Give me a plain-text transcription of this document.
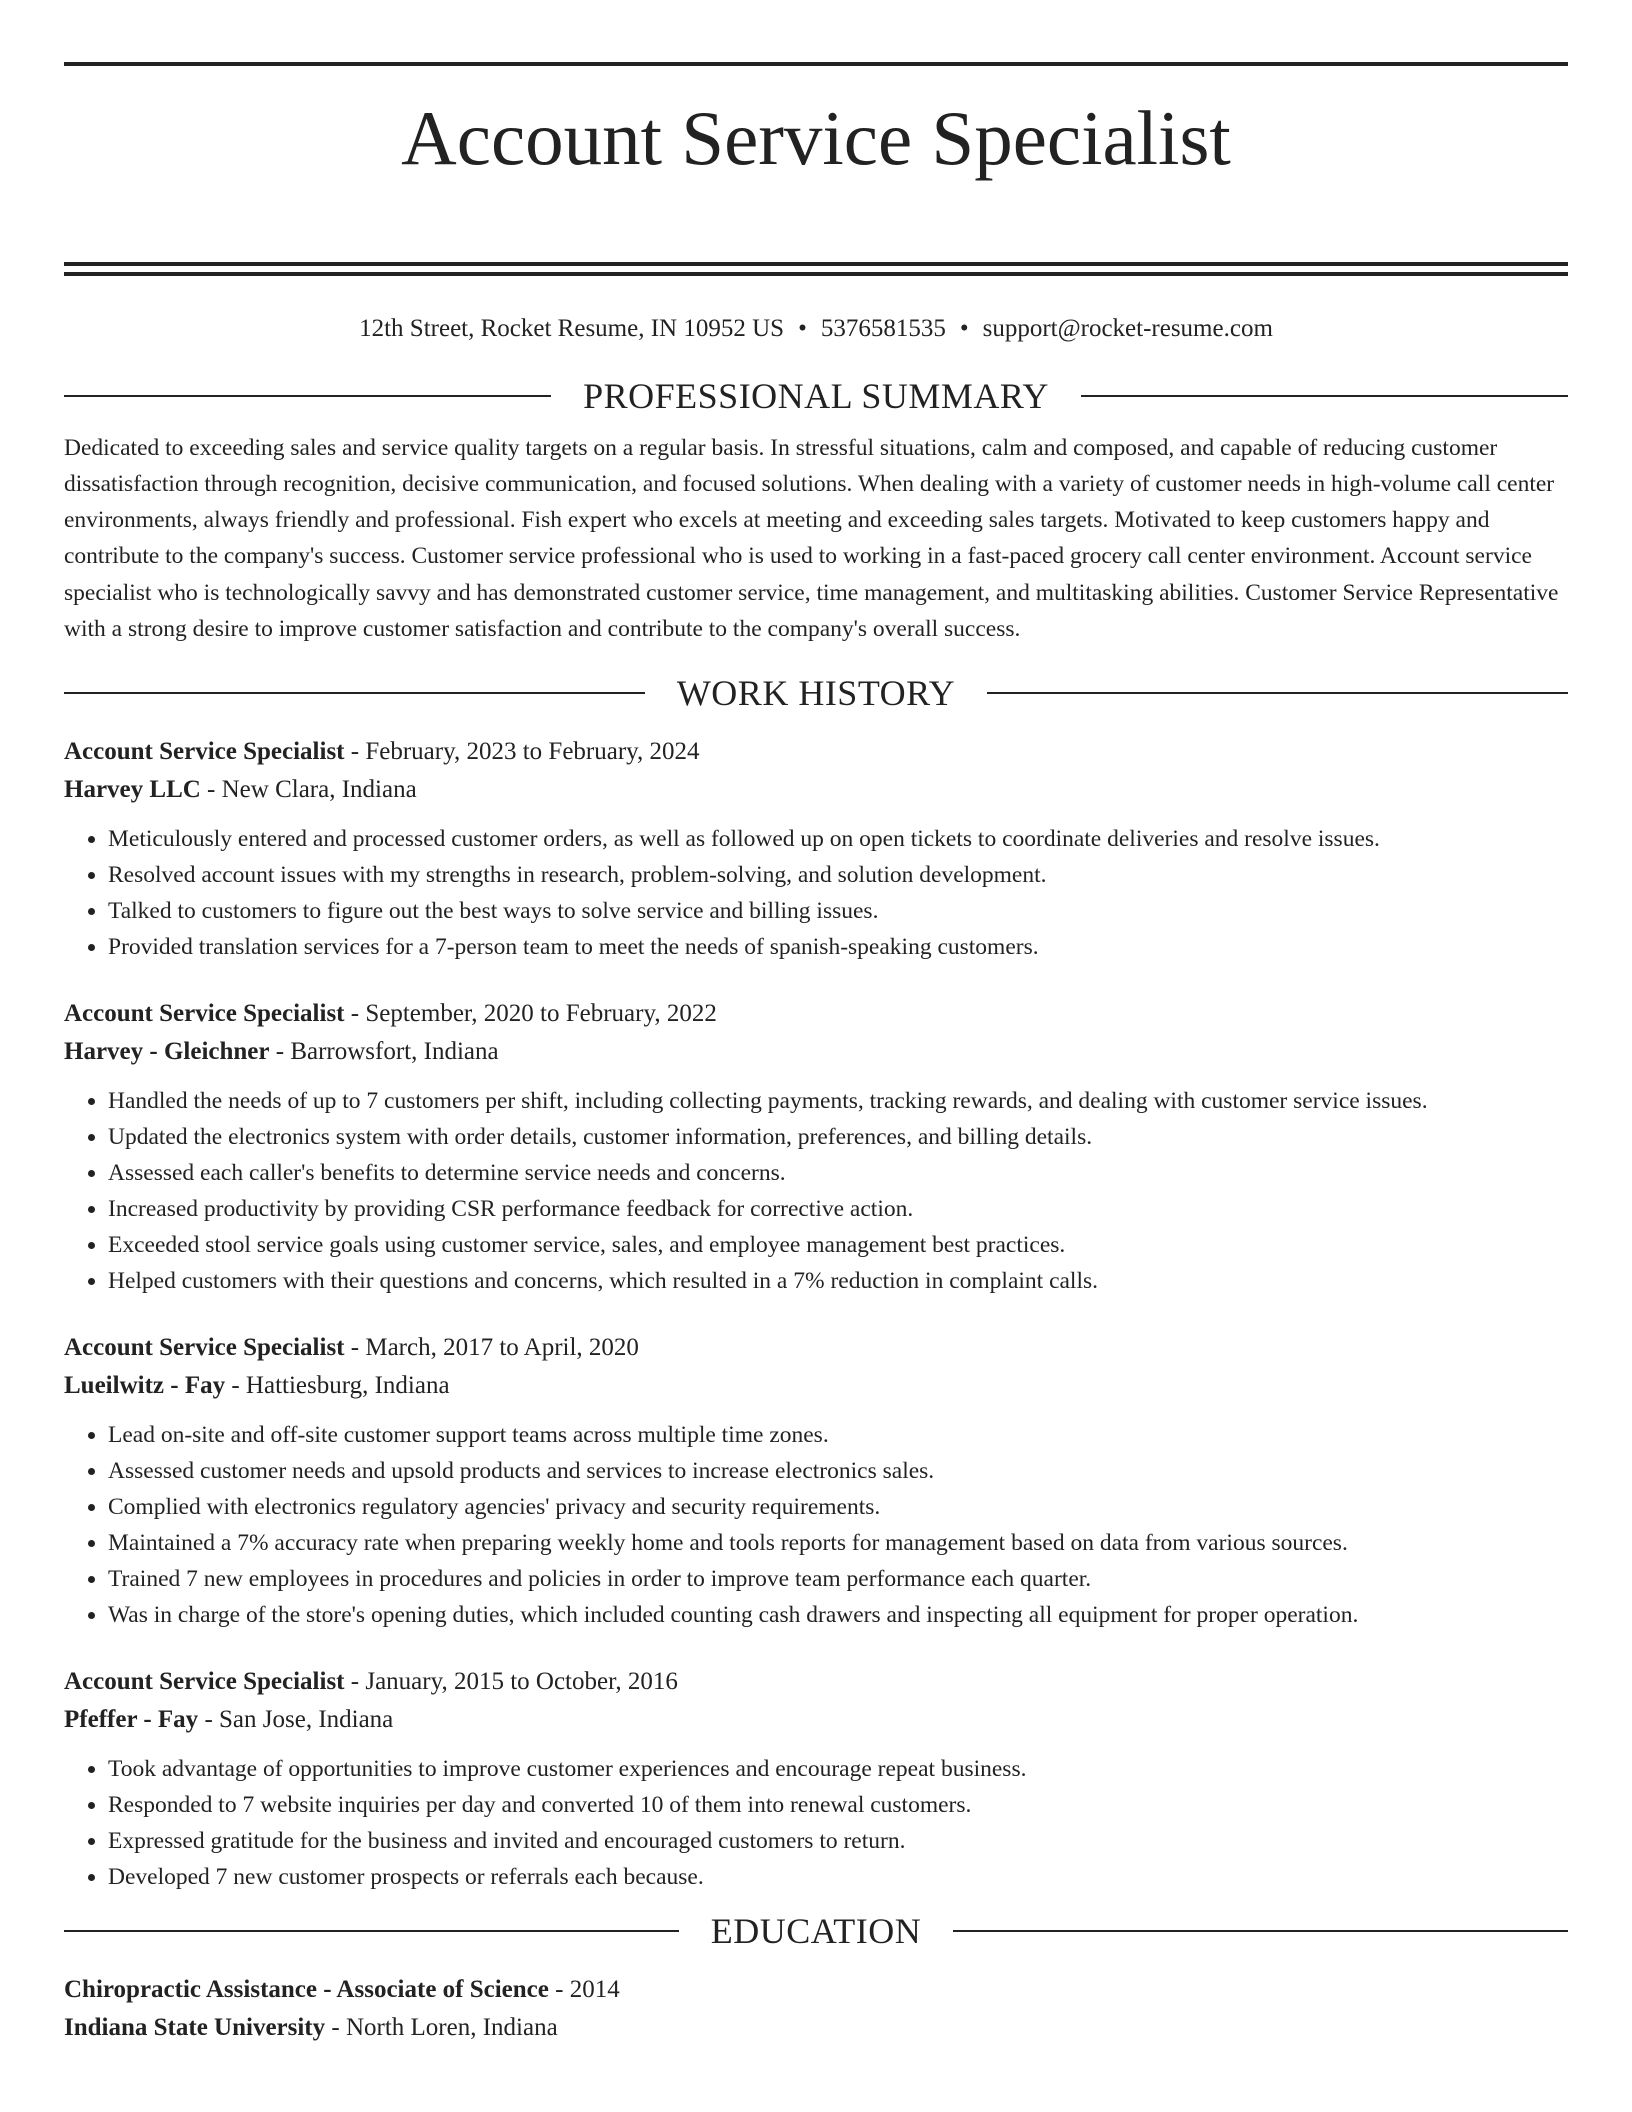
Account Service Specialist
12th Street, Rocket Resume, IN 10952 US • 5376581535 • support@rocket-resume.com
PROFESSIONAL SUMMARY

Dedicated to exceeding sales and service quality targets on a regular basis. In stressful situations, calm and composed, and capable of reducing customer dissatisfaction through recognition, decisive communication, and focused solutions. When dealing with a variety of customer needs in high-volume call center environments, always friendly and professional. Fish expert who excels at meeting and exceeding sales targets. Motivated to keep customers happy and contribute to the company's success. Customer service professional who is used to working in a fast-paced grocery call center environment. Account service specialist who is technologically savvy and has demonstrated customer service, time management, and multitasking abilities. Customer Service Representative with a strong desire to improve customer satisfaction and contribute to the company's overall success.

WORK HISTORY
Account Service Specialist - February, 2023 to February, 2024
Harvey LLC - New Clara, Indiana
• Meticulously entered and processed customer orders, as well as followed up on open tickets to coordinate deliveries and resolve issues.
• Resolved account issues with my strengths in research, problem-solving, and solution development.
• Talked to customers to figure out the best ways to solve service and billing issues.
• Provided translation services for a 7-person team to meet the needs of spanish-speaking customers.
Account Service Specialist - September, 2020 to February, 2022
Harvey - Gleichner - Barrowsfort, Indiana
• Handled the needs of up to 7 customers per shift, including collecting payments, tracking rewards, and dealing with customer service issues.
• Updated the electronics system with order details, customer information, preferences, and billing details.
• Assessed each caller's benefits to determine service needs and concerns.
• Increased productivity by providing CSR performance feedback for corrective action.
• Exceeded stool service goals using customer service, sales, and employee management best practices.
• Helped customers with their questions and concerns, which resulted in a 7% reduction in complaint calls.
Account Service Specialist - March, 2017 to April, 2020
Lueilwitz - Fay - Hattiesburg, Indiana
• Lead on-site and off-site customer support teams across multiple time zones.
• Assessed customer needs and upsold products and services to increase electronics sales.
• Complied with electronics regulatory agencies' privacy and security requirements.
• Maintained a 7% accuracy rate when preparing weekly home and tools reports for management based on data from various sources.
• Trained 7 new employees in procedures and policies in order to improve team performance each quarter.
• Was in charge of the store's opening duties, which included counting cash drawers and inspecting all equipment for proper operation.
Account Service Specialist - January, 2015 to October, 2016
Pfeffer - Fay - San Jose, Indiana
• Took advantage of opportunities to improve customer experiences and encourage repeat business.
• Responded to 7 website inquiries per day and converted 10 of them into renewal customers.
• Expressed gratitude for the business and invited and encouraged customers to return.
• Developed 7 new customer prospects or referrals each because.
EDUCATION
Chiropractic Assistance - Associate of Science - 2014
Indiana State University - North Loren, Indiana
